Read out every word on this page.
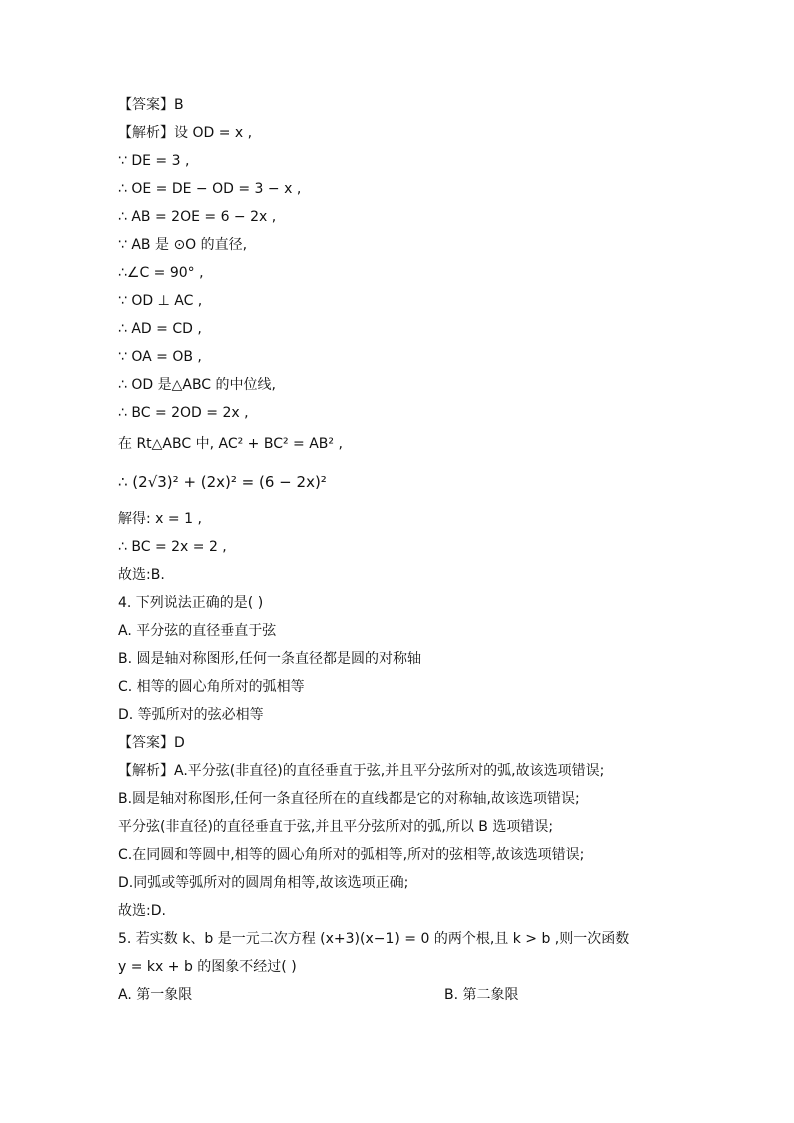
【答案】B
【解析】设 OD = x ,
∵ DE = 3 ,
∴ OE = DE − OD = 3 − x ,
∴ AB = 2OE = 6 − 2x ,
∵ AB 是 ⊙O 的直径,
∴∠C = 90° ,
∵ OD ⊥ AC ,
∴ AD = CD ,
∵ OA = OB ,
∴ OD 是△ABC 的中位线,
∴ BC = 2OD = 2x ,
在 Rt△ABC 中, AC² + BC² = AB² ,
∴ (2√3)² + (2x)² = (6 − 2x)²
解得: x = 1 ,
∴ BC = 2x = 2 ,
故选:B.
4. 下列说法正确的是( )
A. 平分弦的直径垂直于弦
B. 圆是轴对称图形,任何一条直径都是圆的对称轴
C. 相等的圆心角所对的弧相等
D. 等弧所对的弦必相等
【答案】D
【解析】A.平分弦(非直径)的直径垂直于弦,并且平分弦所对的弧,故该选项错误;
B.圆是轴对称图形,任何一条直径所在的直线都是它的对称轴,故该选项错误;
平分弦(非直径)的直径垂直于弦,并且平分弦所对的弧,所以 B 选项错误;
C.在同圆和等圆中,相等的圆心角所对的弧相等,所对的弦相等,故该选项错误;
D.同弧或等弧所对的圆周角相等,故该选项正确;
故选:D.
5. 若实数 k、b 是一元二次方程 (x+3)(x−1) = 0 的两个根,且 k > b ,则一次函数
y = kx + b 的图象不经过( )
A. 第一象限	B. 第二象限
